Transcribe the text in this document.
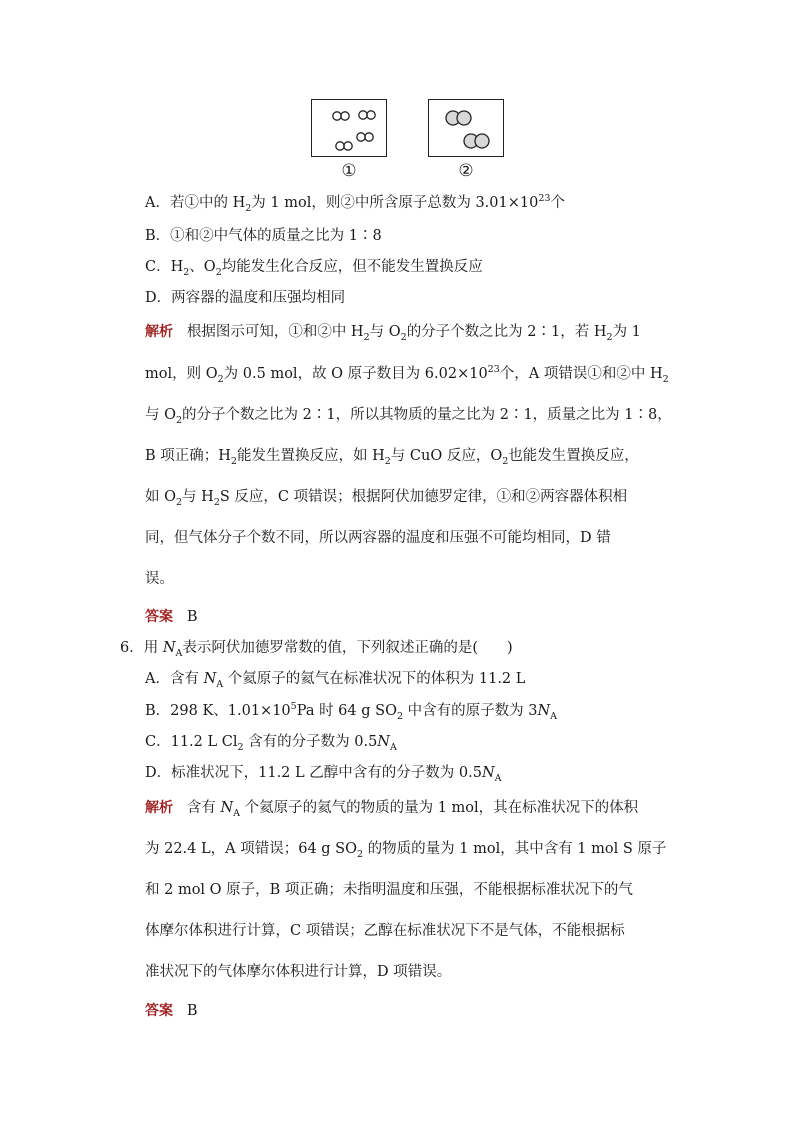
①	②
A．若①中的 $H_2$为 1 mol，则②中所含原子总数为 $3.01\times 10^{23}$个
B．①和②中气体的质量之比为 1∶8
C．$H_2$、$O_2$均能发生化合反应，但不能发生置换反应
D．两容器的温度和压强均相同
解析 根据图示可知，①和②中 $H_2$与 $O_2$的分子个数之比为 2∶1，若 $H_2$为 1
mol，则 $O_2$为 0.5 mol，故 O 原子数目为 $6.02\times 10^{23}$个，A 项错误①和②中 $H_2$
与 $O_2$的分子个数之比为 2∶1，所以其物质的量之比为 2∶1，质量之比为 1∶8，
B 项正确；$H_2$能发生置换反应，如 $H_2$与 CuO 反应，$O_2$也能发生置换反应，
如 $O_2$与 $H_2S$ 反应，C 项错误；根据阿伏加德罗定律，①和②两容器体积相
同，但气体分子个数不同，所以两容器的温度和压强不可能均相同，D 错
误。
答案 B
6．用 $N_A$表示阿伏加德罗常数的值，下列叙述正确的是(　　)
A．含有 $N_A$ 个氦原子的氦气在标准状况下的体积为 11.2 L
B．298 K、$1.01\times 10^5Pa$ 时 64 g $SO_2$ 中含有的原子数为 $3N_A$
C．11.2 L $Cl_2$ 含有的分子数为 $0.5N_A$
D．标准状况下，11.2 L 乙醇中含有的分子数为 $0.5N_A$
解析 含有 $N_A$ 个氦原子的氦气的物质的量为 1 mol，其在标准状况下的体积
为 22.4 L，A 项错误；64 g $SO_2$ 的物质的量为 1 mol，其中含有 1 mol S 原子
和 2 mol O 原子，B 项正确；未指明温度和压强，不能根据标准状况下的气
体摩尔体积进行计算，C 项错误；乙醇在标准状况下不是气体，不能根据标
准状况下的气体摩尔体积进行计算，D 项错误。
答案 B
